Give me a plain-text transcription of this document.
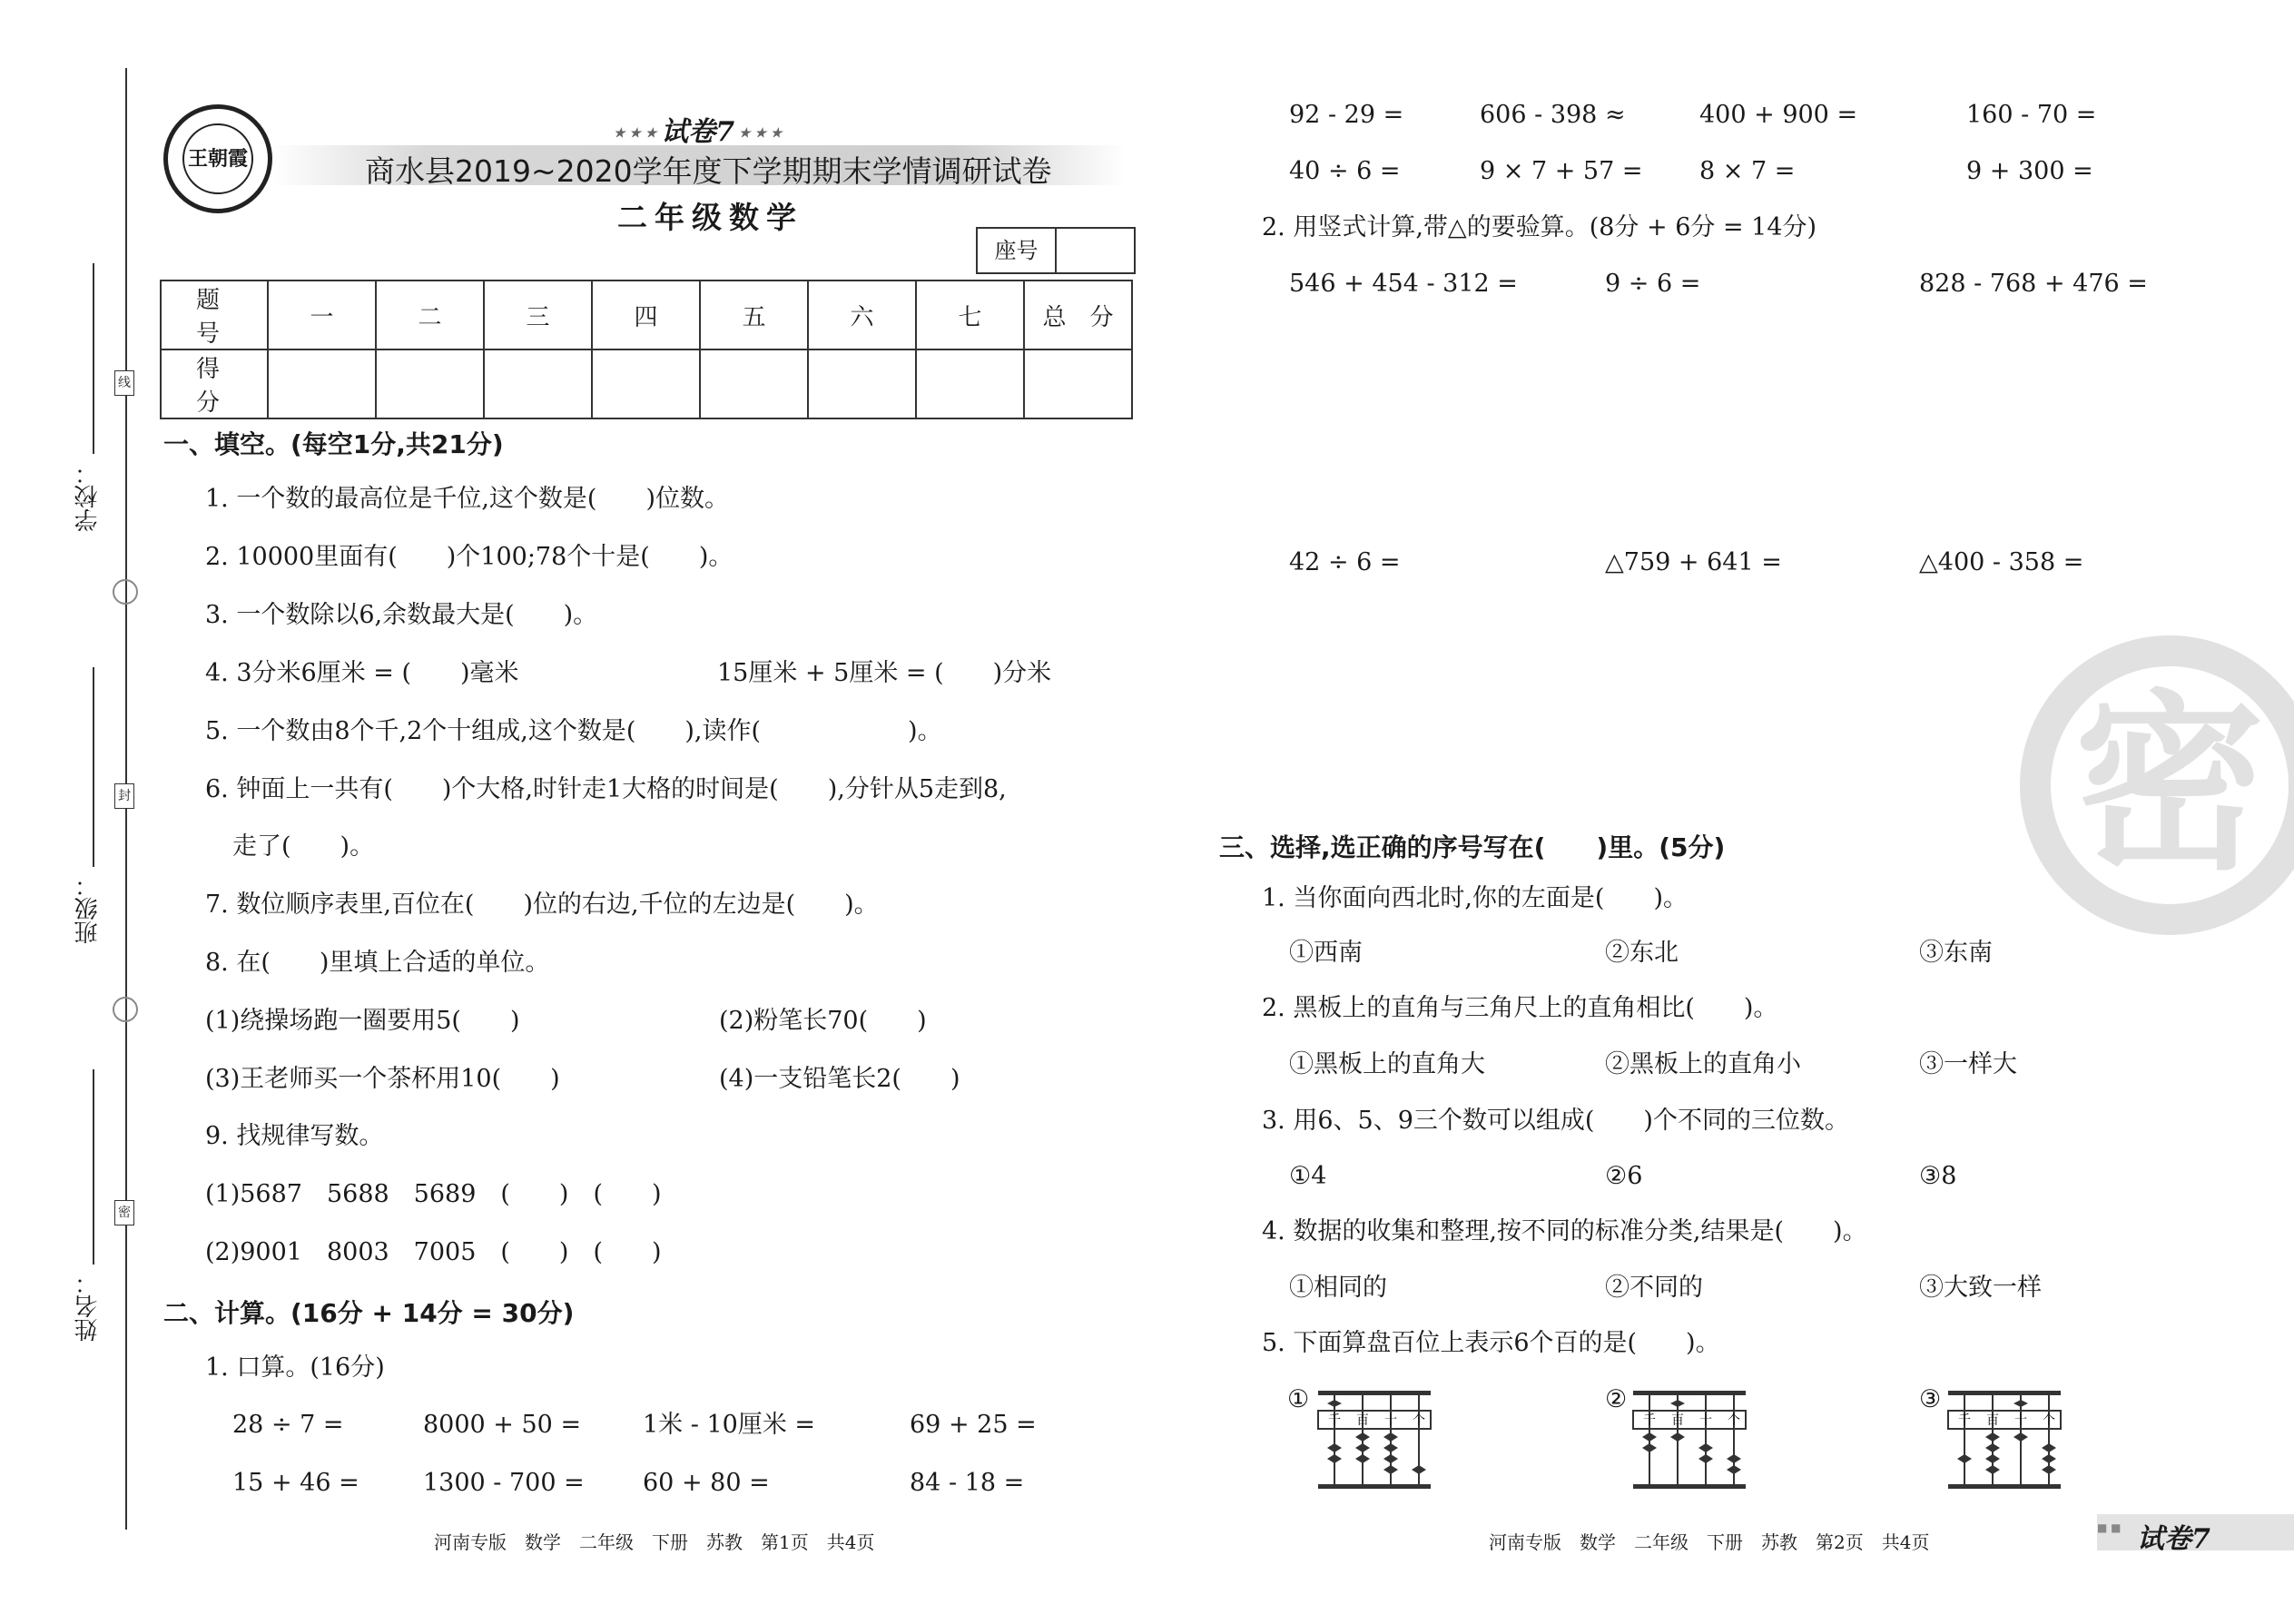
学校：
班级：
姓名：
线
封
密
王朝霞
★ ★ ★ 试卷7 ★ ★ ★
商水县2019~2020学年度下学期期末学情调研试卷
二年级数学
座号
题　号	一	二	三	四	五	六	七	总　分
得　分								
一、填空。(每空1分,共21分)
1. 一个数的最高位是千位,这个数是(　　)位数。
2. 10000里面有(　　)个100;78个十是(　　)。
3. 一个数除以6,余数最大是(　　)。
4. 3分米6厘米 = (　　)毫米	15厘米 + 5厘米 = (　　)分米
5. 一个数由8个千,2个十组成,这个数是(　　),读作(　　　　　　)。
6. 钟面上一共有(　　)个大格,时针走1大格的时间是(　　),分针从5走到8,
走了(　　)。
7. 数位顺序表里,百位在(　　)位的右边,千位的左边是(　　)。
8. 在(　　)里填上合适的单位。
(1)绕操场跑一圈要用5(　　)	(2)粉笔长70(　　)
(3)王老师买一个茶杯用10(　　)	(4)一支铅笔长2(　　)
9. 找规律写数。
(1)5687　5688　5689　(　　)　(　　)
(2)9001　8003　7005　(　　)　(　　)
二、计算。(16分 + 14分 = 30分)
1. 口算。(16分)
28 ÷ 7 =	8000 + 50 =	1米 - 10厘米 =	69 + 25 =
15 + 46 =	1300 - 700 = 60 + 80 =	84 - 18 =
河南专版　数学　二年级　下册　苏教　第1页　共4页
92 - 29 =	606 - 398 ≈	400 + 900 =	160 - 70 =
40 ÷ 6 =	9 × 7 + 57 = 8 × 7 =	9 + 300 =
2. 用竖式计算,带△的要验算。(8分 + 6分 = 14分)
546 + 454 - 312 =	9 ÷ 6 =	828 - 768 + 476 =
42 ÷ 6 =	△759 + 641 =	△400 - 358 =
密
三、选择,选正确的序号写在(　　)里。(5分)
1. 当你面向西北时,你的左面是(　　)。
①西南	②东北	③东南
2. 黑板上的直角与三角尺上的直角相比(　　)。
①黑板上的直角大	②黑板上的直角小	③一样大
3. 用6、5、9三个数可以组成(　　)个不同的三位数。
①4	②6	③8
4. 数据的收集和整理,按不同的标准分类,结果是(　　)。
①相同的	②不同的	③大致一样
5. 下面算盘百位上表示6个百的是(　　)。
①	②	③
千 百 十 个	千 百 十 个	千 百 十 个
河南专版　数学　二年级　下册　苏教　第2页　共4页
■ ■ 试卷7
